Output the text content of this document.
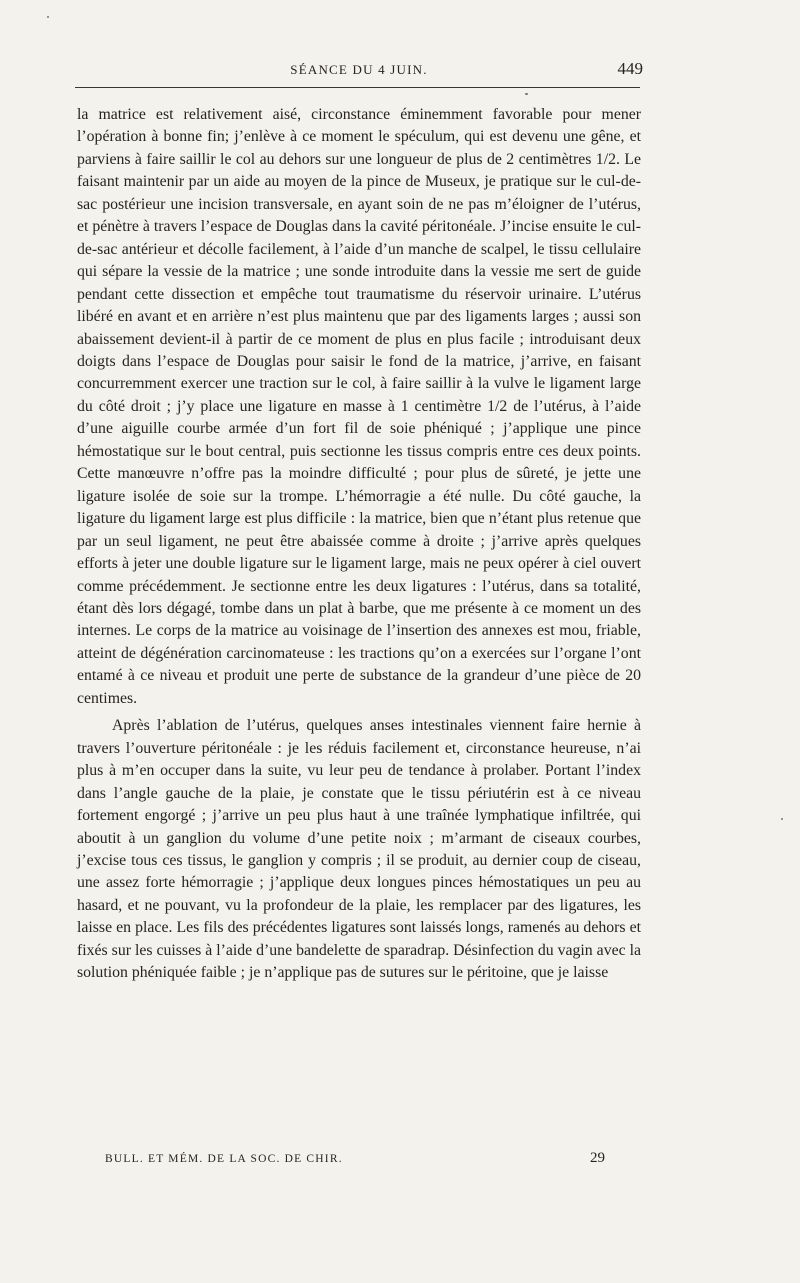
SÉANCE DU 4 JUIN.	449

la matrice est relativement aisé, circonstance éminemment favorable pour mener l’opération à bonne fin; j’enlève à ce moment le spéculum, qui est devenu une gêne, et parviens à faire saillir le col au dehors sur une longueur de plus de 2 centimètres 1/2. Le faisant maintenir par un aide au moyen de la pince de Museux, je pratique sur le cul-de-sac postérieur une incision transversale, en ayant soin de ne pas m’éloigner de l’utérus, et pénètre à travers l’espace de Douglas dans la cavité péritonéale. J’incise ensuite le cul-de-sac antérieur et décolle facilement, à l’aide d’un manche de scalpel, le tissu cellulaire qui sépare la vessie de la matrice ; une sonde introduite dans la vessie me sert de guide pendant cette dissection et empêche tout traumatisme du réservoir urinaire. L’utérus libéré en avant et en arrière n’est plus maintenu que par des ligaments larges ; aussi son abaissement devient-il à partir de ce moment de plus en plus facile ; introduisant deux doigts dans l’espace de Douglas pour saisir le fond de la matrice, j’arrive, en faisant concurremment exercer une traction sur le col, à faire saillir à la vulve le ligament large du côté droit ; j’y place une ligature en masse à 1 centimètre 1/2 de l’utérus, à l’aide d’une aiguille courbe armée d’un fort fil de soie phéniqué ; j’applique une pince hémostatique sur le bout central, puis sectionne les tissus compris entre ces deux points. Cette manœuvre n’offre pas la moindre difficulté ; pour plus de sûreté, je jette une ligature isolée de soie sur la trompe. L’hémorragie a été nulle. Du côté gauche, la ligature du ligament large est plus difficile : la matrice, bien que n’étant plus retenue que par un seul ligament, ne peut être abaissée comme à droite ; j’arrive après quelques efforts à jeter une double ligature sur le ligament large, mais ne peux opérer à ciel ouvert comme précédemment. Je sectionne entre les deux ligatures : l’utérus, dans sa totalité, étant dès lors dégagé, tombe dans un plat à barbe, que me présente à ce moment un des internes. Le corps de la matrice au voisinage de l’insertion des annexes est mou, friable, atteint de dégénération carcinomateuse : les tractions qu’on a exercées sur l’organe l’ont entamé à ce niveau et produit une perte de substance de la grandeur d’une pièce de 20 centimes.

Après l’ablation de l’utérus, quelques anses intestinales viennent faire hernie à travers l’ouverture péritonéale : je les réduis facilement et, circonstance heureuse, n’ai plus à m’en occuper dans la suite, vu leur peu de tendance à prolaber. Portant l’index dans l’angle gauche de la plaie, je constate que le tissu périutérin est à ce niveau fortement engorgé ; j’arrive un peu plus haut à une traînée lymphatique infiltrée, qui aboutit à un ganglion du volume d’une petite noix ; m’armant de ciseaux courbes, j’excise tous ces tissus, le ganglion y compris ; il se produit, au dernier coup de ciseau, une assez forte hémorragie ; j’applique deux longues pinces hémostatiques un peu au hasard, et ne pouvant, vu la profondeur de la plaie, les remplacer par des ligatures, les laisse en place. Les fils des précédentes ligatures sont laissés longs, ramenés au dehors et fixés sur les cuisses à l’aide d’une bandelette de sparadrap. Désinfection du vagin avec la solution phéniquée faible ; je n’applique pas de sutures sur le péritoine, que je laisse

BULL. ET MÉM. DE LA SOC. DE CHIR.	29
